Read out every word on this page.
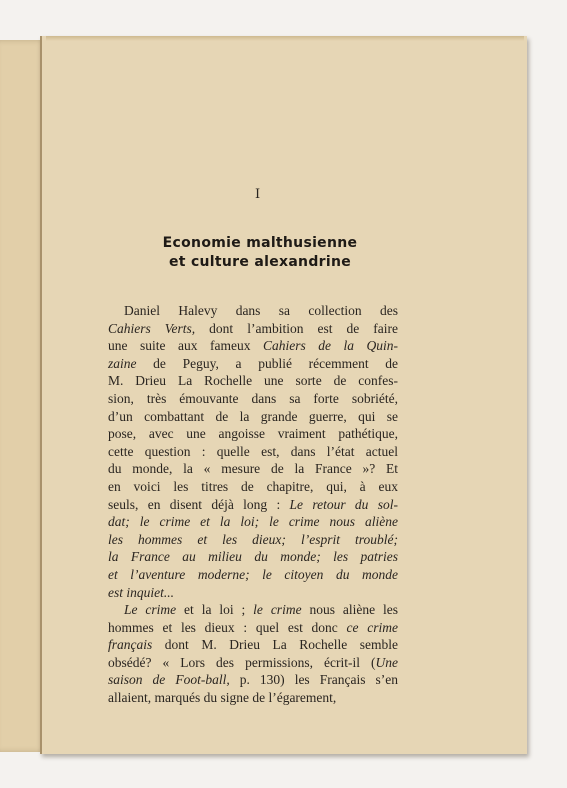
I
Economie malthusienne
et culture alexandrine
Daniel Halevy dans sa collection des
Cahiers Verts, dont l’ambition est de faire
une suite aux fameux Cahiers de la Quin-
zaine de Peguy, a publié récemment de
M. Drieu La Rochelle une sorte de confes-
sion, très émouvante dans sa forte sobriété,
d’un combattant de la grande guerre, qui se
pose, avec une angoisse vraiment pathétique,
cette question : quelle est, dans l’état actuel
du monde, la « mesure de la France »? Et
en voici les titres de chapitre, qui, à eux
seuls, en disent déjà long : Le retour du sol-
dat; le crime et la loi; le crime nous aliène
les hommes et les dieux; l’esprit troublé;
la France au milieu du monde; les patries
et l’aventure moderne; le citoyen du monde
est inquiet...
Le crime et la loi ; le crime nous aliène les
hommes et les dieux : quel est donc ce crime
français dont M. Drieu La Rochelle semble
obsédé? « Lors des permissions, écrit-il (Une
saison de Foot-ball, p. 130) les Français s’en
allaient, marqués du signe de l’égarement,
